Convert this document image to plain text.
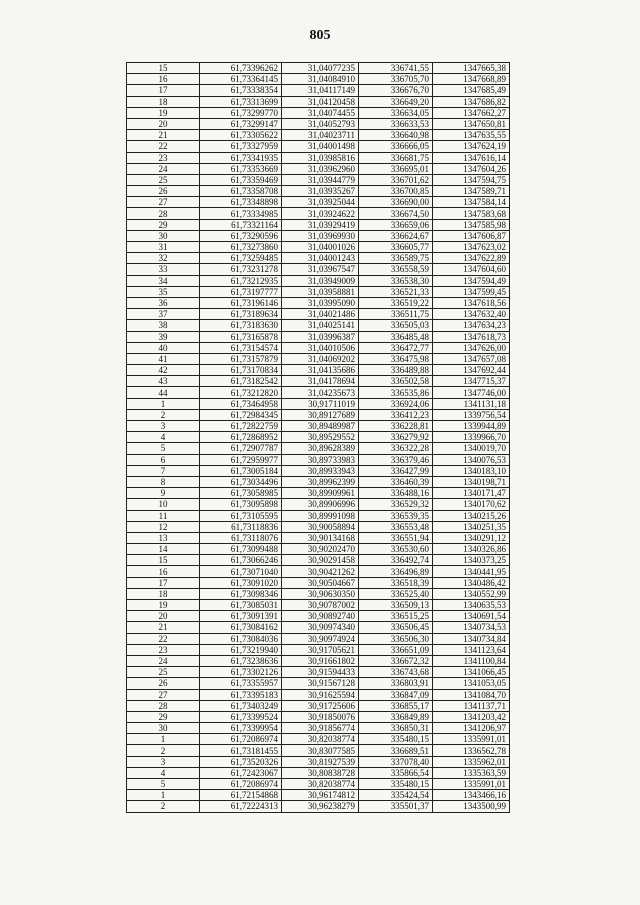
805
15	61,73396262	31,04077235	336741,55	1347665,38
16	61,73364145	31,04084910	336705,70	1347668,89
17	61,73338354	31,04117149	336676,70	1347685,49
18	61,73313699	31,04120458	336649,20	1347686,82
19	61,73299770	31,04074455	336634,05	1347662,27
20	61,73299147	31,04052793	336633,53	1347650,81
21	61,73305622	31,04023711	336640,98	1347635,55
22	61,73327959	31,04001498	336666,05	1347624,19
23	61,73341935	31,03985816	336681,75	1347616,14
24	61,73353669	31,03962960	336695,01	1347604,26
25	61,73359469	31,03944779	336701,62	1347594,75
26	61,73358708	31,03935267	336700,85	1347589,71
27	61,73348898	31,03925044	336690,00	1347584,14
28	61,73334985	31,03924622	336674,50	1347583,68
29	61,73321164	31,03929419	336659,06	1347585,98
30	61,73290596	31,03969930	336624,67	1347606,87
31	61,73273860	31,04001026	336605,77	1347623,02
32	61,73259485	31,04001243	336589,75	1347622,89
33	61,73231278	31,03967547	336558,59	1347604,60
34	61,73212935	31,03949009	336538,30	1347594,49
35	61,73197777	31,03958881	336521,33	1347599,45
36	61,73196146	31,03995090	336519,22	1347618,56
37	61,73189634	31,04021486	336511,75	1347632,40
38	61,73183630	31,04025141	336505,03	1347634,23
39	61,73165878	31,03996387	336485,48	1347618,73
40	61,73154574	31,04010506	336472,77	1347626,00
41	61,73157879	31,04069202	336475,98	1347657,08
42	61,73170834	31,04135686	336489,88	1347692,44
43	61,73182542	31,04178694	336502,58	1347715,37
44	61,73212820	31,04235673	336535,86	1347746,00
1	61,73464958	30,91711019	336924,06	1341131,18
2	61,72984345	30,89127689	336412,23	1339756,54
3	61,72822759	30,89489987	336228,81	1339944,89
4	61,72868952	30,89529552	336279,92	1339966,70
5	61,72907787	30,89628389	336322,28	1340019,70
6	61,72959977	30,89733983	336379,46	1340076,53
7	61,73005184	30,89933943	336427,99	1340183,10
8	61,73034496	30,89962399	336460,39	1340198,71
9	61,73058985	30,89909961	336488,16	1340171,47
10	61,73095898	30,89906996	336529,32	1340170,62
11	61,73105595	30,89991098	336539,35	1340215,26
12	61,73118836	30,90058894	336553,48	1340251,35
13	61,73118076	30,90134168	336551,94	1340291,12
14	61,73099488	30,90202470	336530,60	1340326,86
15	61,73066246	30,90291458	336492,74	1340373,25
16	61,73071040	30,90421262	336496,89	1340441,95
17	61,73091020	30,90504667	336518,39	1340486,42
18	61,73098346	30,90630350	336525,40	1340552,99
19	61,73085031	30,90787002	336509,13	1340635,53
20	61,73091391	30,90892740	336515,25	1340691,54
21	61,73084162	30,90974340	336506,45	1340734,53
22	61,73084036	30,90974924	336506,30	1340734,84
23	61,73219940	30,91705621	336651,09	1341123,64
24	61,73238636	30,91661802	336672,32	1341100,84
25	61,73302126	30,91594433	336743,68	1341066,45
26	61,73355957	30,91567128	336803,91	1341053,05
27	61,73395183	30,91625594	336847,09	1341084,70
28	61,73403249	30,91725606	336855,17	1341137,71
29	61,73399524	30,91850076	336849,89	1341203,42
30	61,73399954	30,91856774	336850,31	1341206,97
1	61,72086974	30,82038774	335480,15	1335991,01
2	61,73181455	30,83077585	336689,51	1336562,78
3	61,73520326	30,81927539	337078,40	1335962,01
4	61,72423067	30,80838728	335866,54	1335363,59
5	61,72086974	30,82038774	335480,15	1335991,01
1	61,72154868	30,96174812	335424,54	1343466,16
2	61,72224313	30,96238279	335501,37	1343500,99
